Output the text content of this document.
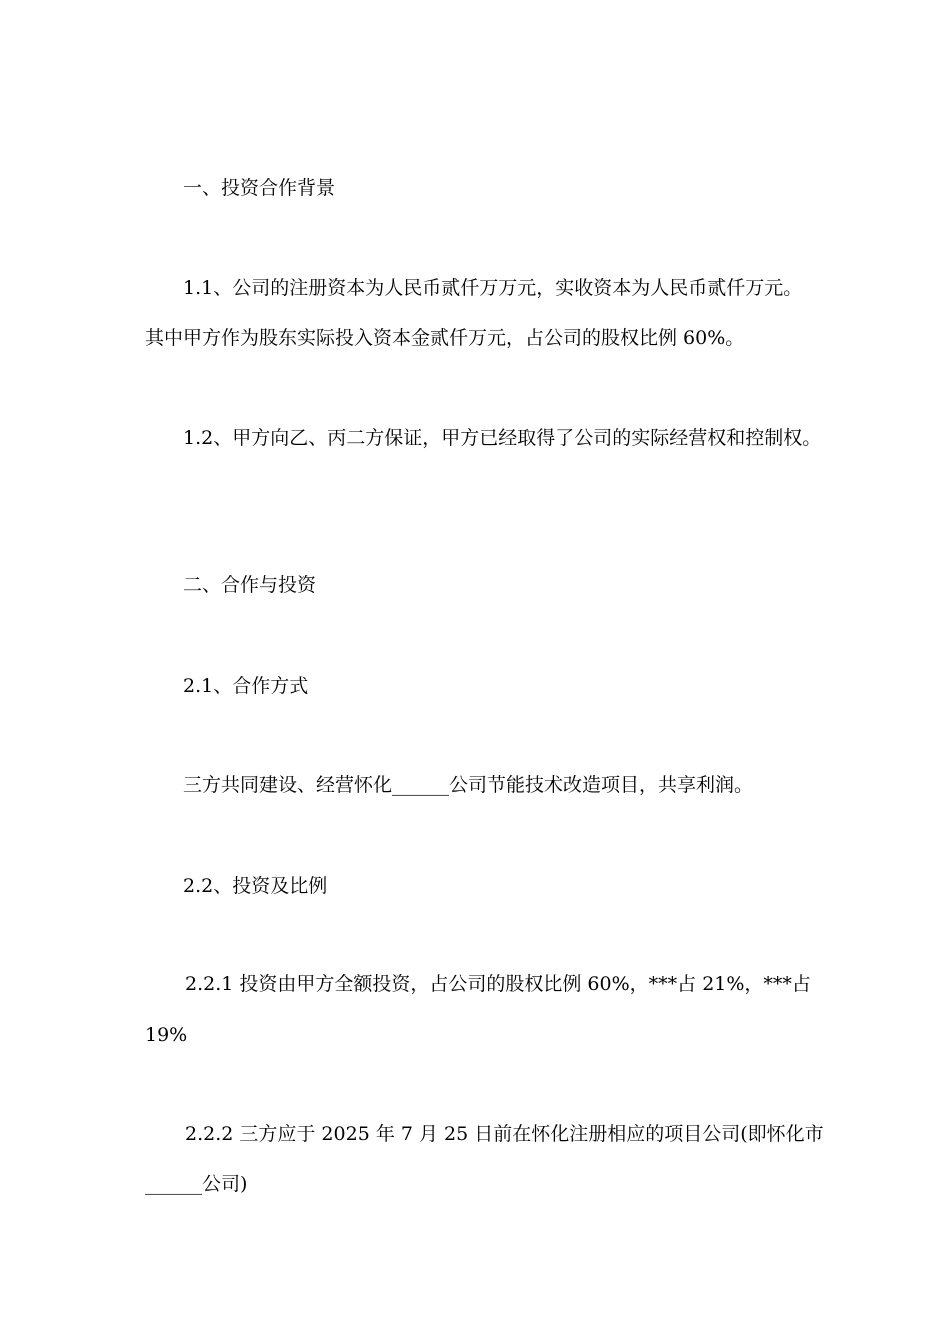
一、投资合作背景
1.1、公司的注册资本为人民币贰仟万万元，实收资本为人民币贰仟万元。
其中甲方作为股东实际投入资本金贰仟万元，占公司的股权比例 60%。
1.2、甲方向乙、丙二方保证，甲方已经取得了公司的实际经营权和控制权。
二、合作与投资
2.1、合作方式
三方共同建设、经营怀化______公司节能技术改造项目，共享利润。
2.2、投资及比例
2.2.1 投资由甲方全额投资，占公司的股权比例 60%，***占 21%，***占
19%
2.2.2 三方应于 2025 年 7 月 25 日前在怀化注册相应的项目公司(即怀化市
______公司)
